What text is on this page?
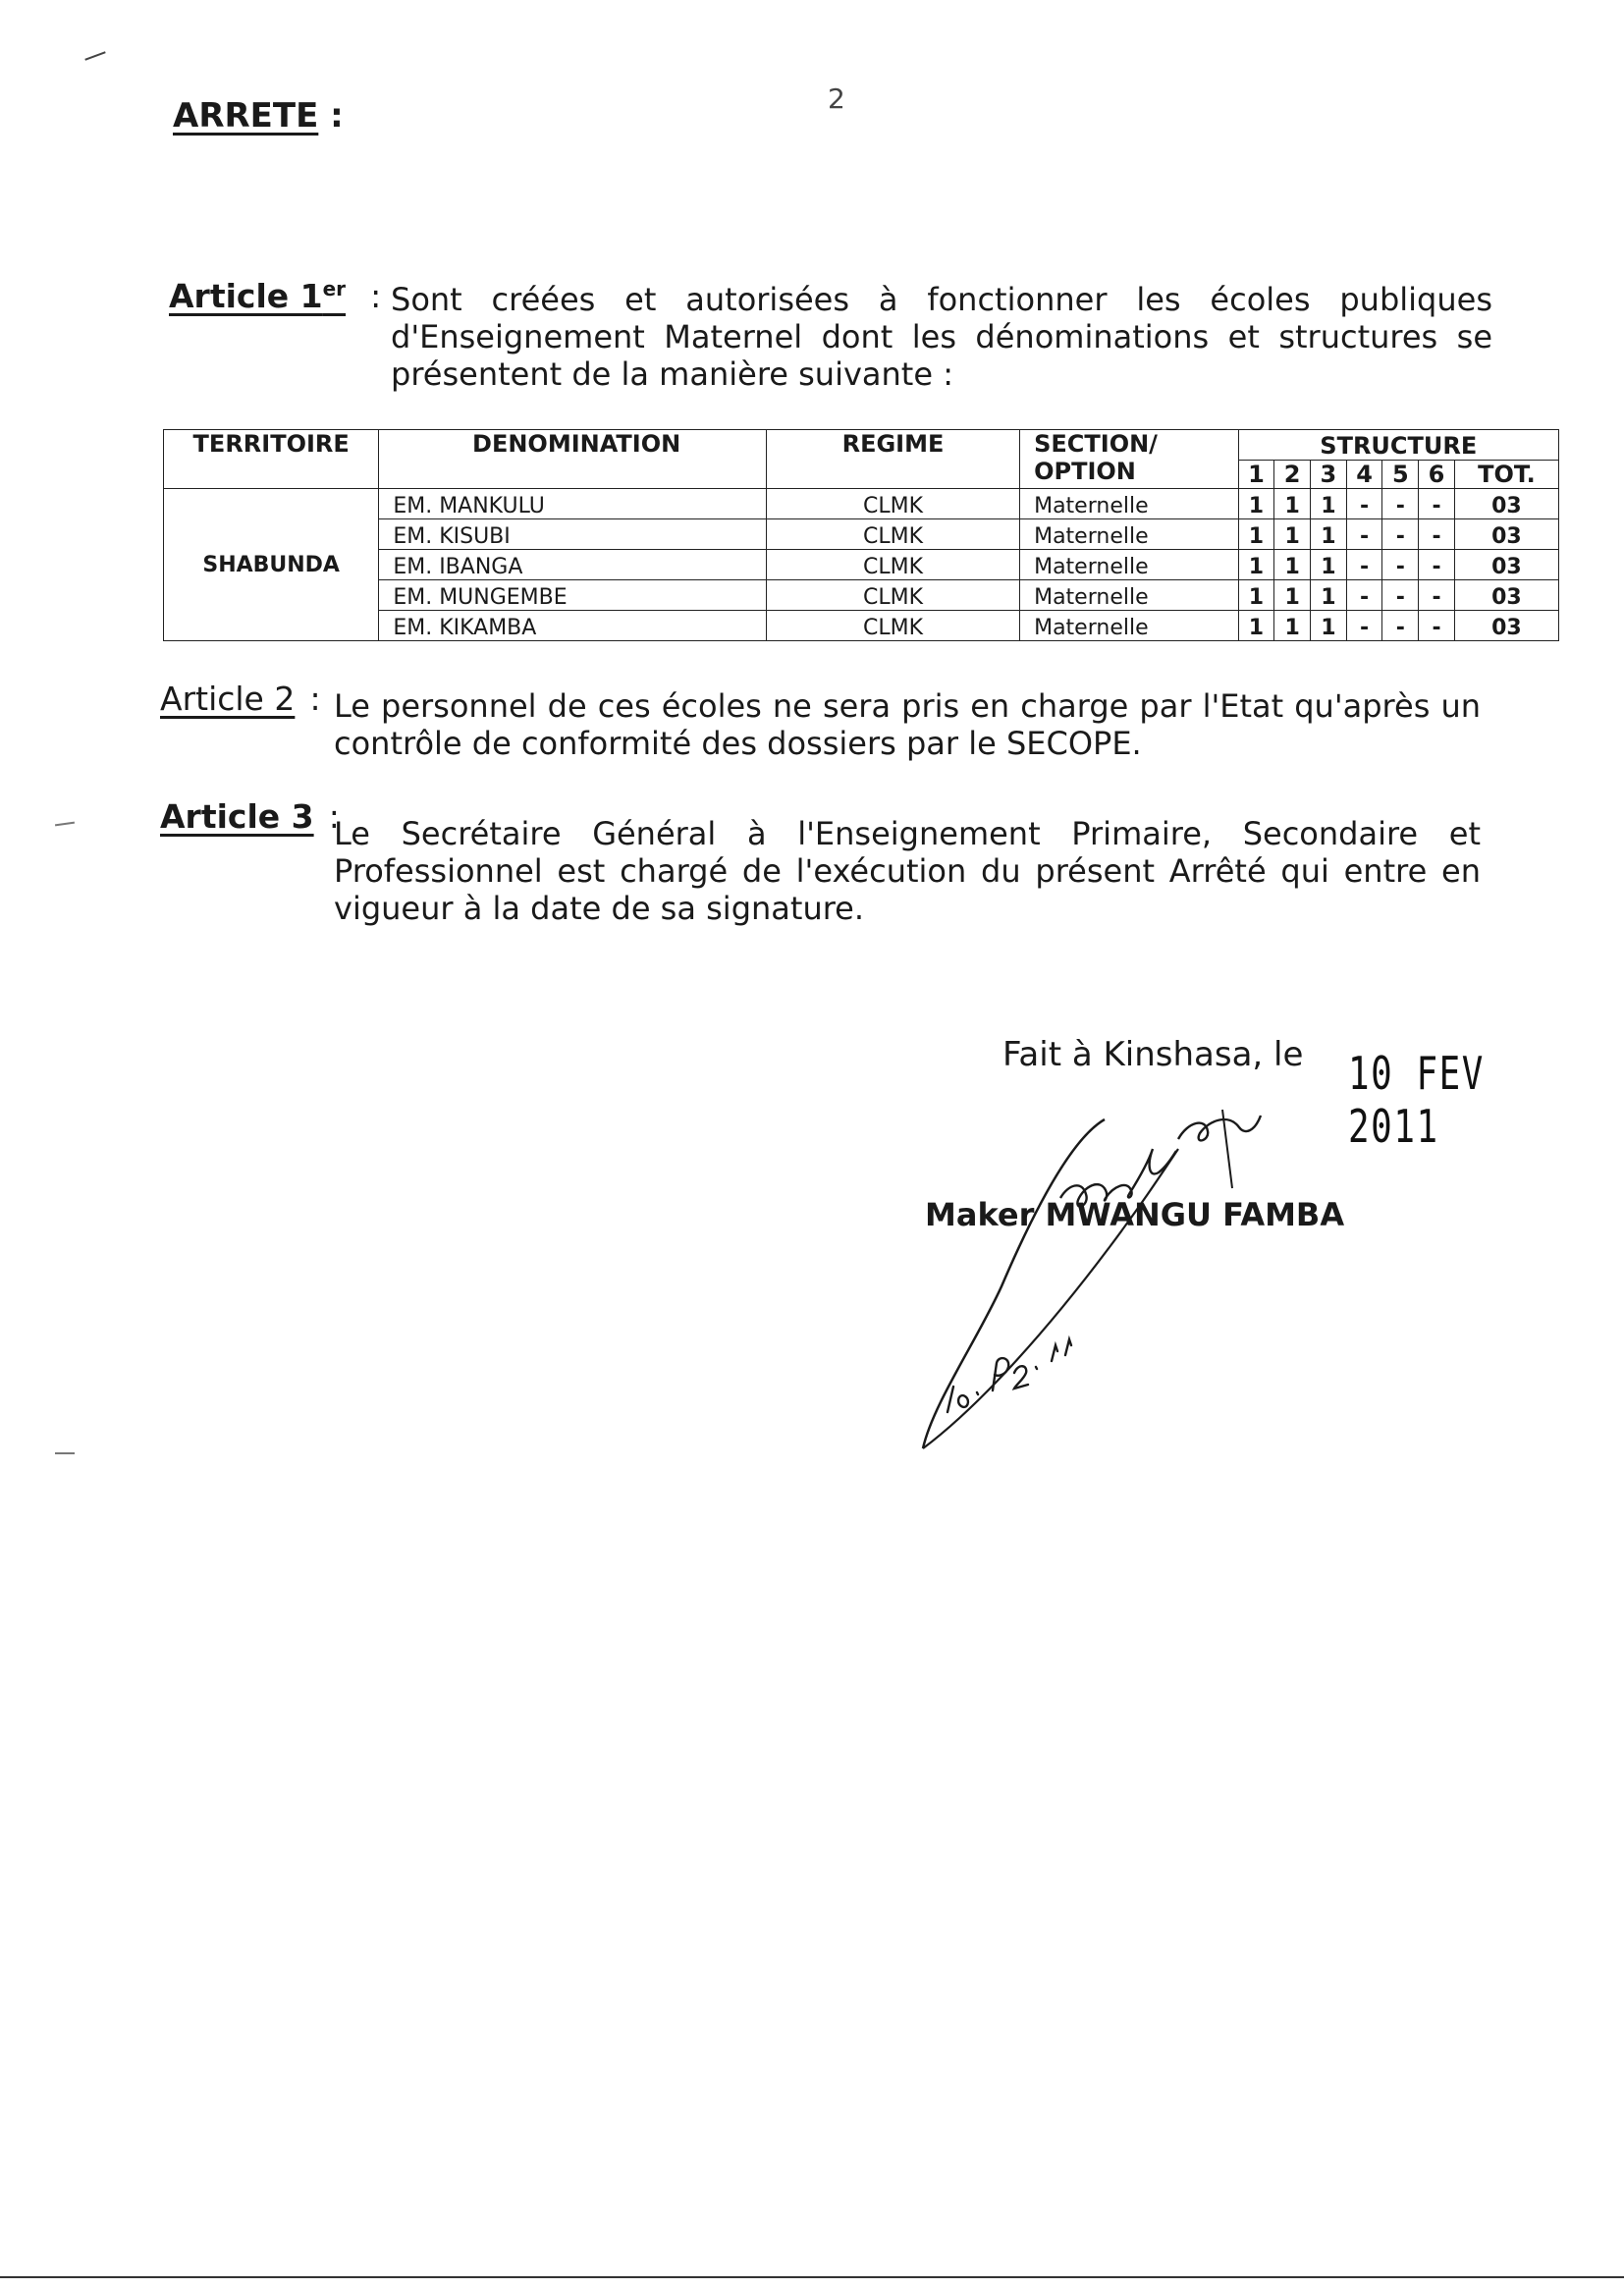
2
ARRETE :
Article 1er : Sont créées et autorisées à fonctionner les écoles publiques d'Enseignement Maternel dont les dénominations et structures se présentent de la manière suivante :
TERRITOIRE	DENOMINATION	REGIME	SECTION/ OPTION	STRUCTURE						
				1	2	3	4	5	6	TOT.
SHABUNDA	EM. MANKULU	CLMK	Maternelle	1	1	1	-	-	-	03
	EM. KISUBI	CLMK	Maternelle	1	1	1	-	-	-	03
	EM. IBANGA	CLMK	Maternelle	1	1	1	-	-	-	03
	EM. MUNGEMBE	CLMK	Maternelle	1	1	1	-	-	-	03
	EM. KIKAMBA	CLMK	Maternelle	1	1	1	-	-	-	03
Article 2 : Le personnel de ces écoles ne sera pris en charge par l'Etat qu'après un contrôle de conformité des dossiers par le SECOPE.
Article 3 :
Le Secrétaire Général à l'Enseignement Primaire, Secondaire et Professionnel est chargé de l'exécution du présent Arrêté qui entre en vigueur à la date de sa signature.
Fait à Kinshasa, le 10 FEV 2011
Maker MWANGU FAMBA
